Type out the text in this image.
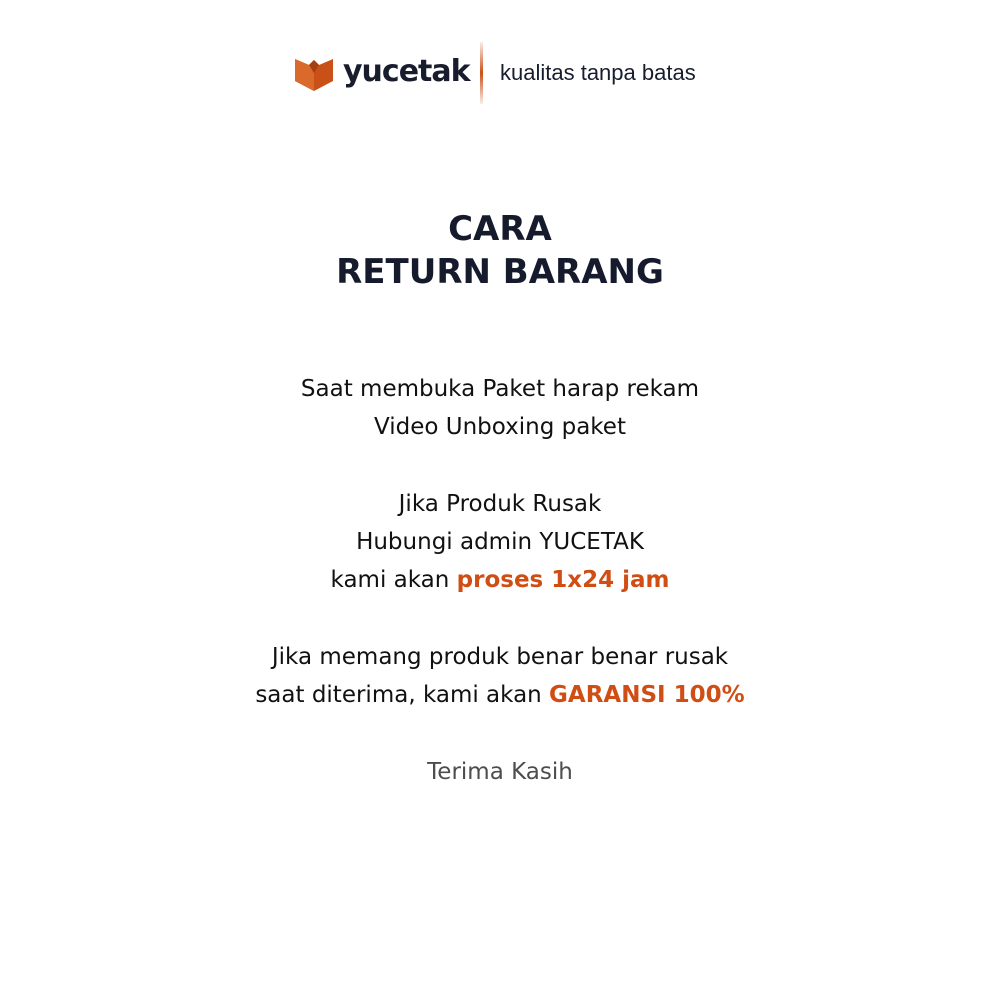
yucetak kualitas tanpa batas
CARA
RETURN BARANG
Saat membuka Paket harap rekam
Video Unboxing paket
Jika Produk Rusak
Hubungi admin YUCETAK
kami akan proses 1x24 jam
Jika memang produk benar benar rusak
saat diterima, kami akan GARANSI 100%
Terima Kasih
